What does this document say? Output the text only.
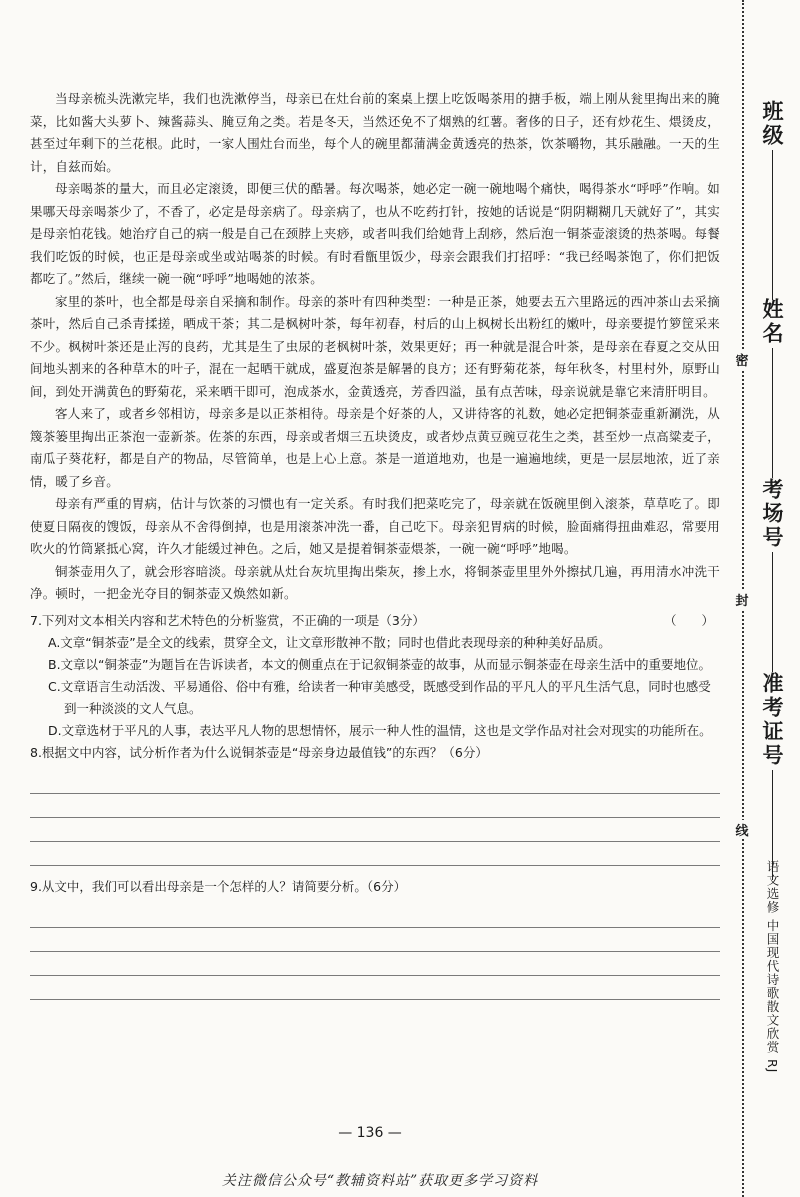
当母亲梳头洗漱完毕，我们也洗漱停当，母亲已在灶台前的案桌上摆上吃饭喝茶用的搪手板，端上刚从瓮里掏出来的腌菜，比如酱大头萝卜、辣酱蒜头、腌豆角之类。若是冬天，当然还免不了烟熟的红薯。奢侈的日子，还有炒花生、煨烫皮，甚至过年剩下的兰花根。此时，一家人围灶台而坐，每个人的碗里都蒲满金黄透亮的热茶，饮茶嚼物，其乐融融。一天的生计，自兹而始。

母亲喝茶的量大，而且必定滚烫，即便三伏的酷暑。每次喝茶，她必定一碗一碗地喝个痛快，喝得茶水“呼呼”作响。如果哪天母亲喝茶少了，不香了，必定是母亲病了。母亲病了，也从不吃药打针，按她的话说是“阴阴糊糊几天就好了”，其实是母亲怕花钱。她治疗自己的病一般是自己在颈脖上夹痧，或者叫我们给她背上刮痧，然后泡一铜茶壶滚烫的热茶喝。每餐我们吃饭的时候，也正是母亲或坐或站喝茶的时候。有时看甑里饭少，母亲会跟我们打招呼：“我已经喝茶饱了，你们把饭都吃了。”然后，继续一碗一碗“呼呼”地喝她的浓茶。

家里的茶叶，也全都是母亲自采摘和制作。母亲的茶叶有四种类型：一种是正茶，她要去五六里路远的西冲茶山去采摘茶叶，然后自己杀青揉搓，晒成干茶；其二是枫树叶茶，每年初春，村后的山上枫树长出粉红的嫩叶，母亲要提竹箩筐采来不少。枫树叶茶还是止泻的良药，尤其是生了虫尿的老枫树叶茶，效果更好；再一种就是混合叶茶，是母亲在春夏之交从田间地头割来的各种草木的叶子，混在一起晒干就成，盛夏泡茶是解暑的良方；还有野菊花茶，每年秋冬，村里村外，原野山间，到处开满黄色的野菊花，采来晒干即可，泡成茶水，金黄透亮，芳香四溢，虽有点苦味，母亲说就是靠它来清肝明目。

客人来了，或者乡邻相访，母亲多是以正茶相待。母亲是个好茶的人，又讲待客的礼数，她必定把铜茶壶重新涮洗，从篾茶篓里掏出正茶泡一壶新茶。佐茶的东西，母亲或者烟三五块烫皮，或者炒点黄豆豌豆花生之类，甚至炒一点高粱麦子，南瓜子葵花籽，都是自产的物品，尽管简单，也是上心上意。茶是一道道地劝，也是一遍遍地续，更是一层层地浓，近了亲情，暖了乡音。

母亲有严重的胃病，估计与饮茶的习惯也有一定关系。有时我们把菜吃完了，母亲就在饭碗里倒入滚茶，草草吃了。即使夏日隔夜的馊饭，母亲从不舍得倒掉，也是用滚茶冲洗一番，自己吃下。母亲犯胃病的时候，脸面痛得扭曲难忍，常要用吹火的竹筒紧抵心窝，许久才能缓过神色。之后，她又是提着铜茶壶煨茶，一碗一碗“呼呼”地喝。

铜茶壶用久了，就会形容暗淡。母亲就从灶台灰坑里掏出柴灰，掺上水，将铜茶壶里里外外擦拭几遍，再用清水冲洗干净。顿时，一把金光夺目的铜茶壶又焕然如新。

7.下列对文本相关内容和艺术特色的分析鉴赏，不正确的一项是（3分）	（　　）

A.文章“铜茶壶”是全文的线索，贯穿全文，让文章形散神不散；同时也借此表现母亲的种种美好品质。

B.文章以“铜茶壶”为题旨在告诉读者，本文的侧重点在于记叙铜茶壶的故事，从而显示铜茶壶在母亲生活中的重要地位。

C.文章语言生动活泼、平易通俗、俗中有雅，给读者一种审美感受，既感受到作品的平凡人的平凡生活气息，同时也感受到一种淡淡的文人气息。

D.文章选材于平凡的人事，表达平凡人物的思想情怀，展示一种人性的温情，这也是文学作品对社会对现实的功能所在。

8.根据文中内容，试分析作者为什么说铜茶壶是“母亲身边最值钱”的东西？（6分）

9.从文中，我们可以看出母亲是一个怎样的人？请简要分析。（6分）

— 136 —
关注微信公众号“教辅资料站”获取更多学习资料
密
封
线
班级
姓名
考场号
准考证号
语文选修 中国现代诗歌散文欣赏 RJ
